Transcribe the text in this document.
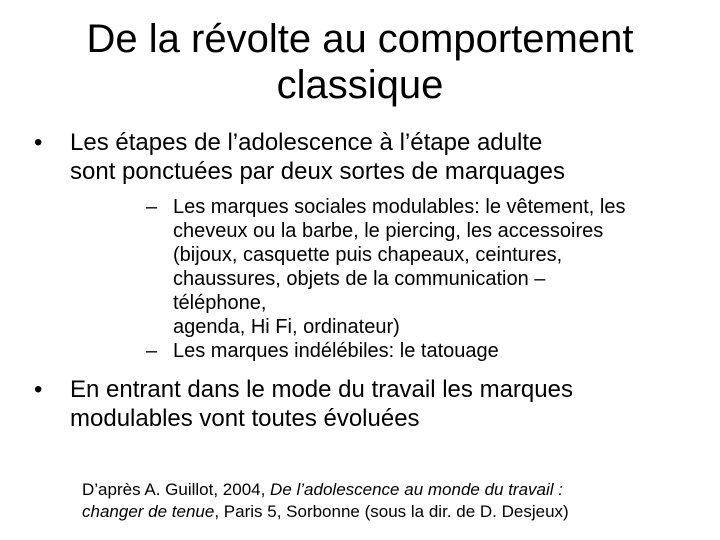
De la révolte au comportement
classique
• Les étapes de l’adolescence à l’étape adulte
sont ponctuées par deux sortes de marquages
– Les marques sociales modulables: le vêtement, les
cheveux ou la barbe, le piercing, les accessoires
(bijoux, casquette puis chapeaux, ceintures,
chaussures, objets de la communication – téléphone,
agenda, Hi Fi, ordinateur)
– Les marques indélébiles: le tatouage
• En entrant dans le mode du travail les marques
modulables vont toutes évoluées

D’après A. Guillot, 2004, De l’adolescence au monde du travail :
changer de tenue, Paris 5, Sorbonne (sous la dir. de D. Desjeux)
